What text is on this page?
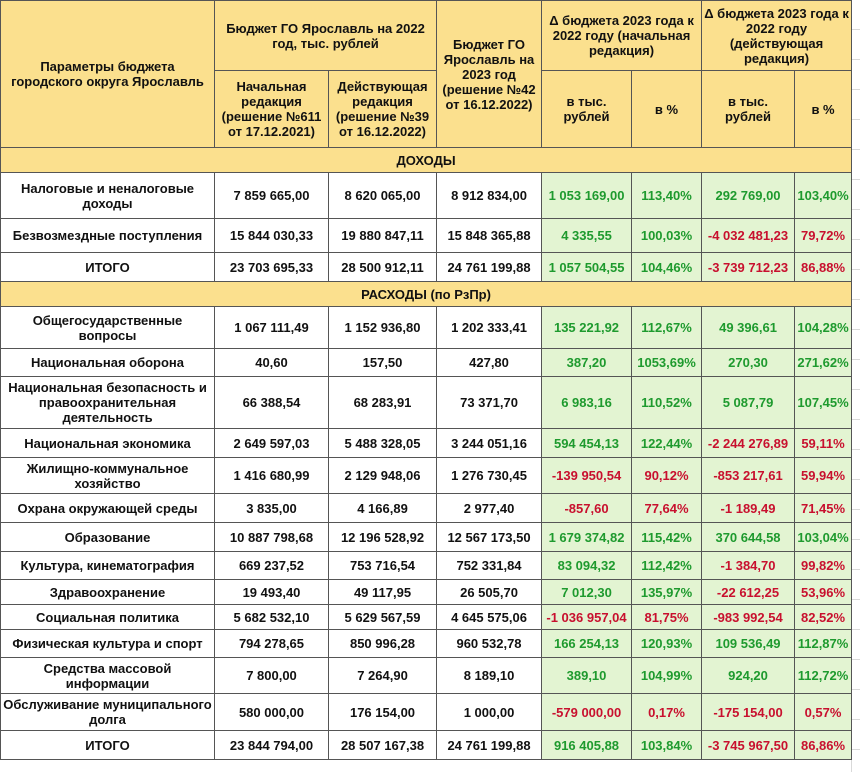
Параметры бюджета городского округа Ярославль	Бюджет ГО Ярославль на 2022 год, тыс. рублей		Бюджет ГО Ярославль на 2023 год (решение №42 от 16.12.2022)	Δ бюджета 2023 года к 2022 году (начальная редакция)		Δ бюджета 2023 года к 2022 году (действующая редакция)	
	Начальная редакция (решение №611 от 17.12.2021)	Действующая редакция (решение №39 от 16.12.2022)		в тыс. рублей	в %	в тыс. рублей	в %
ДОХОДЫ							
Налоговые и неналоговые доходы	7 859 665,00	8 620 065,00	8 912 834,00	1 053 169,00	113,40%	292 769,00	103,40%
Безвозмездные поступления	15 844 030,33	19 880 847,11	15 848 365,88	4 335,55	100,03%	-4 032 481,23	79,72%
ИТОГО	23 703 695,33	28 500 912,11	24 761 199,88	1 057 504,55	104,46%	-3 739 712,23	86,88%
РАСХОДЫ (по РзПр)							
Общегосударственные вопросы	1 067 111,49	1 152 936,80	1 202 333,41	135 221,92	112,67%	49 396,61	104,28%
Национальная оборона	40,60	157,50	427,80	387,20	1053,69%	270,30	271,62%
Национальная безопасность и правоохранительная деятельность	66 388,54	68 283,91	73 371,70	6 983,16	110,52%	5 087,79	107,45%
Национальная экономика	2 649 597,03	5 488 328,05	3 244 051,16	594 454,13	122,44%	-2 244 276,89	59,11%
Жилищно-коммунальное хозяйство	1 416 680,99	2 129 948,06	1 276 730,45	-139 950,54	90,12%	-853 217,61	59,94%
Охрана окружающей среды	3 835,00	4 166,89	2 977,40	-857,60	77,64%	-1 189,49	71,45%
Образование	10 887 798,68	12 196 528,92	12 567 173,50	1 679 374,82	115,42%	370 644,58	103,04%
Культура, кинематография	669 237,52	753 716,54	752 331,84	83 094,32	112,42%	-1 384,70	99,82%
Здравоохранение	19 493,40	49 117,95	26 505,70	7 012,30	135,97%	-22 612,25	53,96%
Социальная политика	5 682 532,10	5 629 567,59	4 645 575,06	-1 036 957,04	81,75%	-983 992,54	82,52%
Физическая культура и спорт	794 278,65	850 996,28	960 532,78	166 254,13	120,93%	109 536,49	112,87%
Средства массовой информации	7 800,00	7 264,90	8 189,10	389,10	104,99%	924,20	112,72%
Обслуживание муниципального долга	580 000,00	176 154,00	1 000,00	-579 000,00	0,17%	-175 154,00	0,57%
ИТОГО	23 844 794,00	28 507 167,38	24 761 199,88	916 405,88	103,84%	-3 745 967,50	86,86%
